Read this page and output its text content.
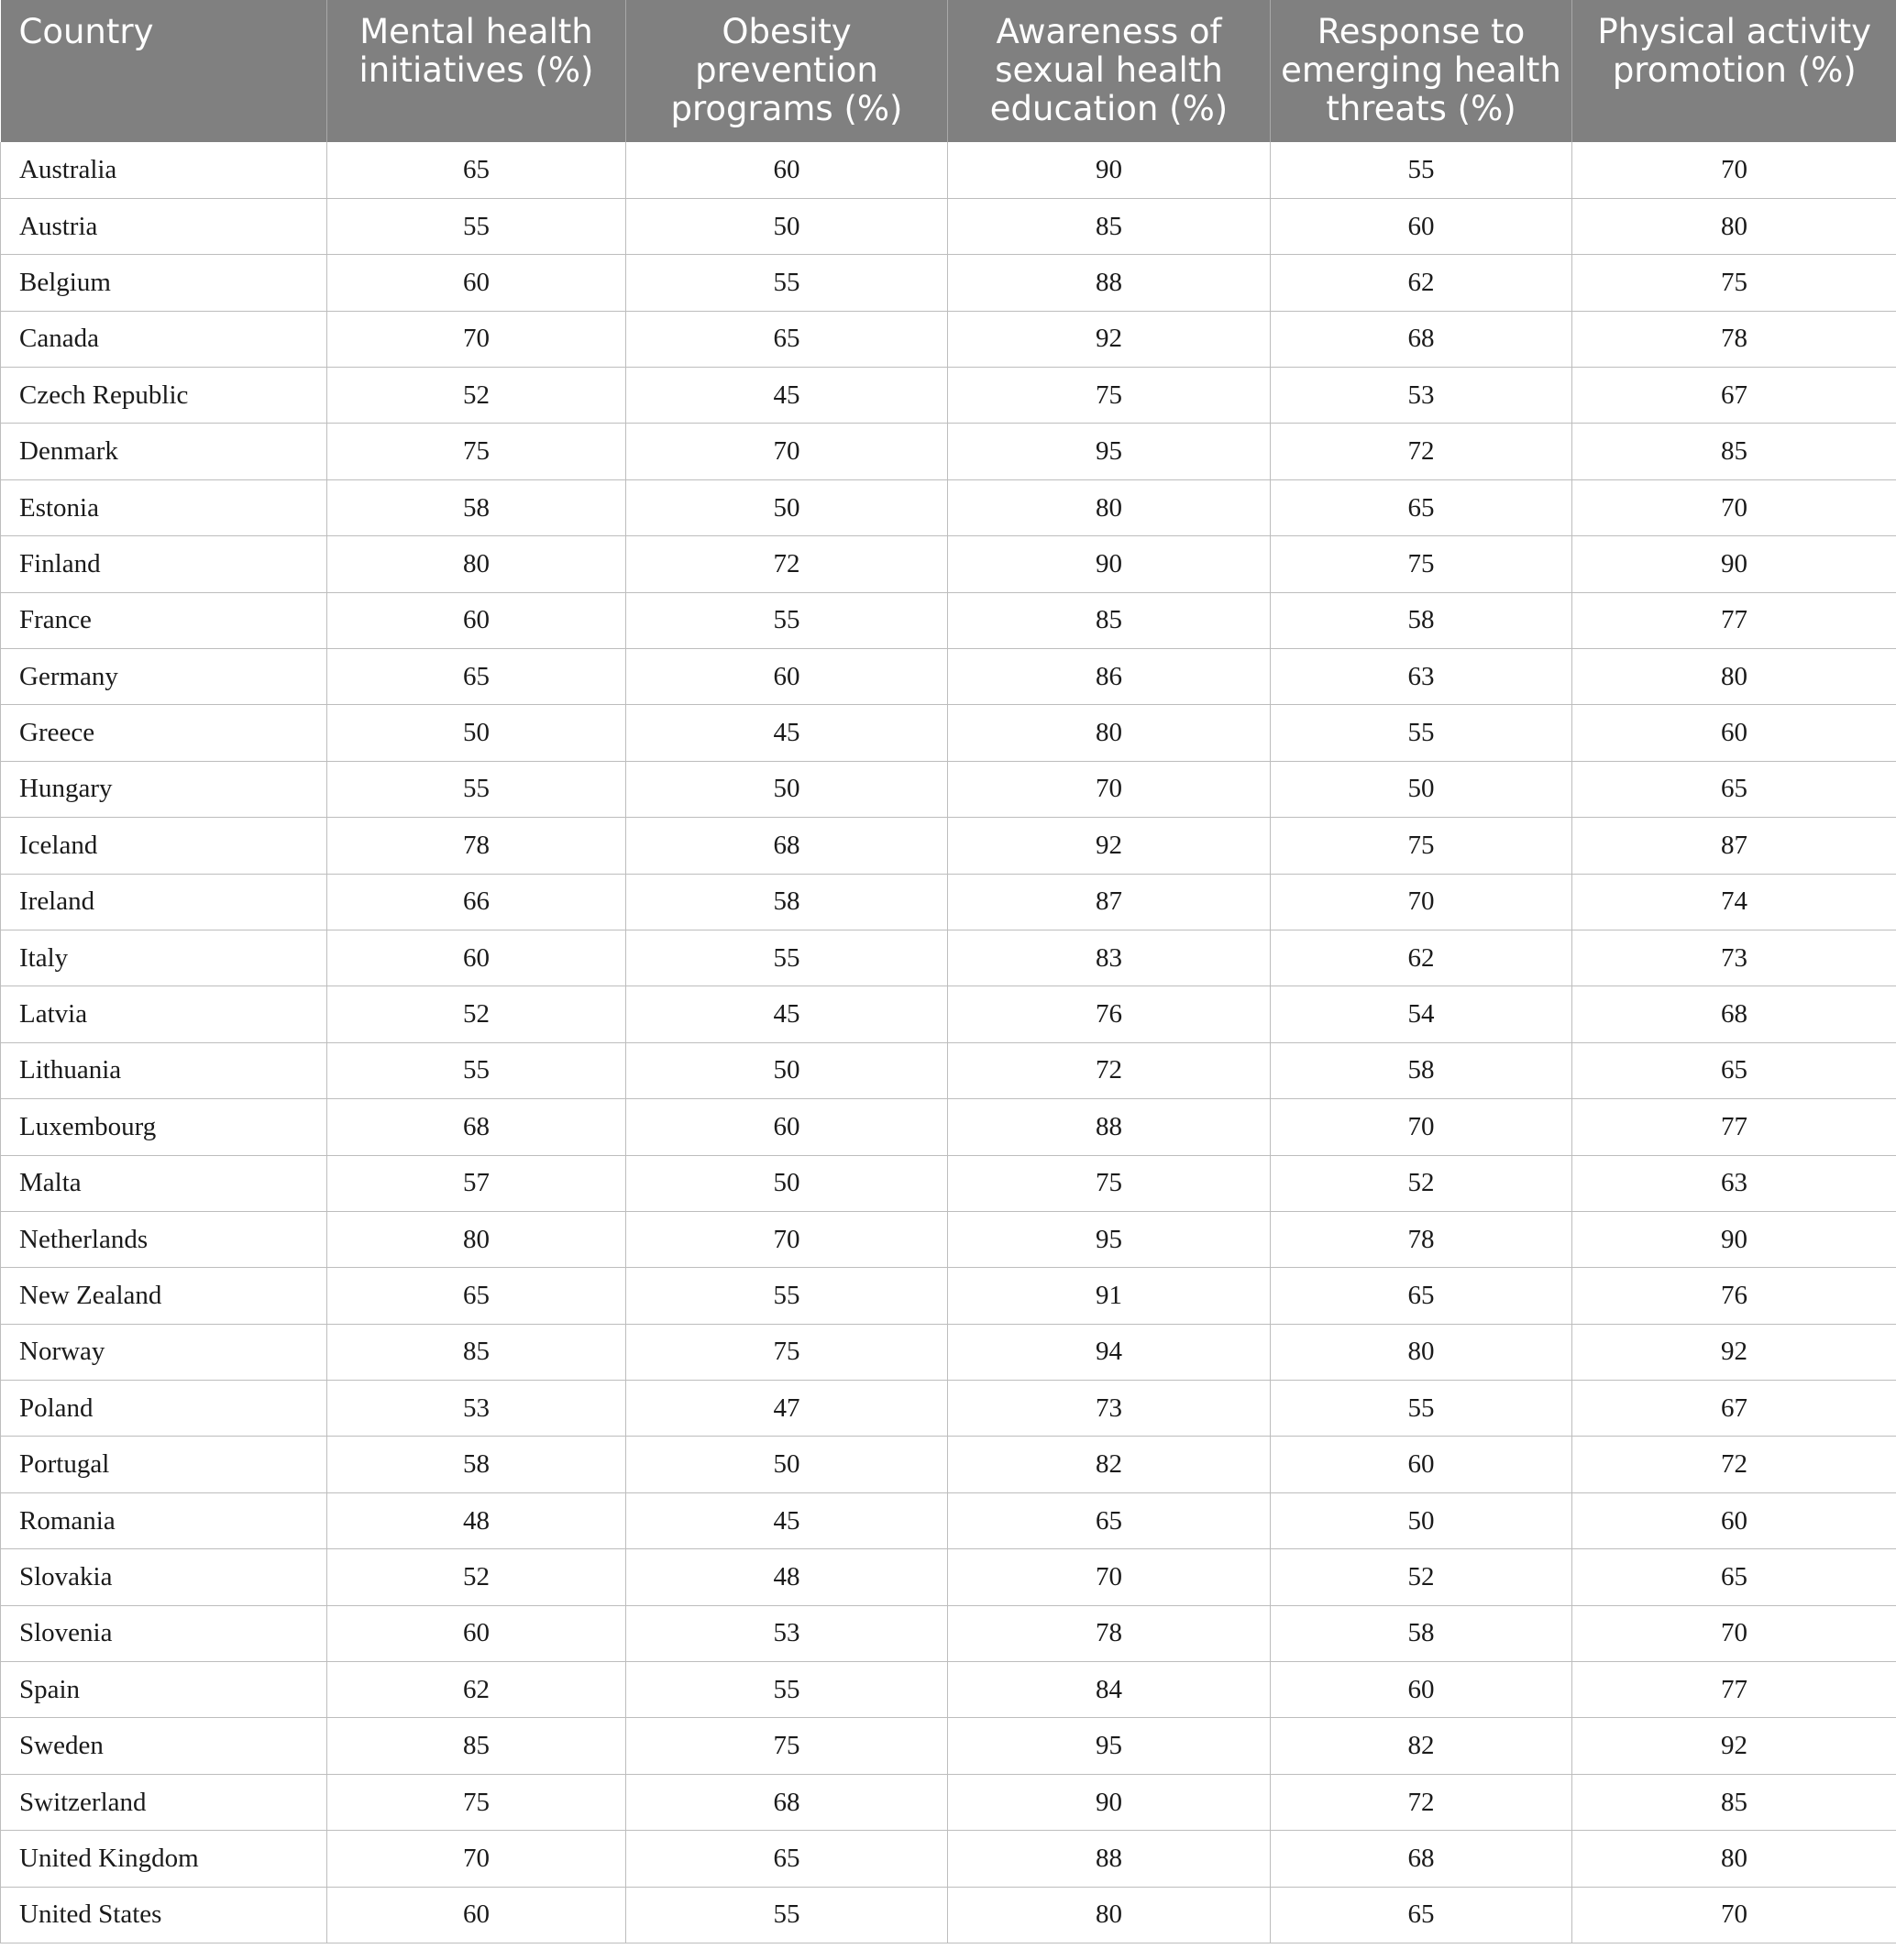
Country	Mental health initiatives (%)	Obesity prevention programs (%)	Awareness of sexual health education (%)	Response to emerging health threats (%)	Physical activity promotion (%)
Australia	65	60	90	55	70
Austria	55	50	85	60	80
Belgium	60	55	88	62	75
Canada	70	65	92	68	78
Czech Republic	52	45	75	53	67
Denmark	75	70	95	72	85
Estonia	58	50	80	65	70
Finland	80	72	90	75	90
France	60	55	85	58	77
Germany	65	60	86	63	80
Greece	50	45	80	55	60
Hungary	55	50	70	50	65
Iceland	78	68	92	75	87
Ireland	66	58	87	70	74
Italy	60	55	83	62	73
Latvia	52	45	76	54	68
Lithuania	55	50	72	58	65
Luxembourg	68	60	88	70	77
Malta	57	50	75	52	63
Netherlands	80	70	95	78	90
New Zealand	65	55	91	65	76
Norway	85	75	94	80	92
Poland	53	47	73	55	67
Portugal	58	50	82	60	72
Romania	48	45	65	50	60
Slovakia	52	48	70	52	65
Slovenia	60	53	78	58	70
Spain	62	55	84	60	77
Sweden	85	75	95	82	92
Switzerland	75	68	90	72	85
United Kingdom	70	65	88	68	80
United States	60	55	80	65	70
